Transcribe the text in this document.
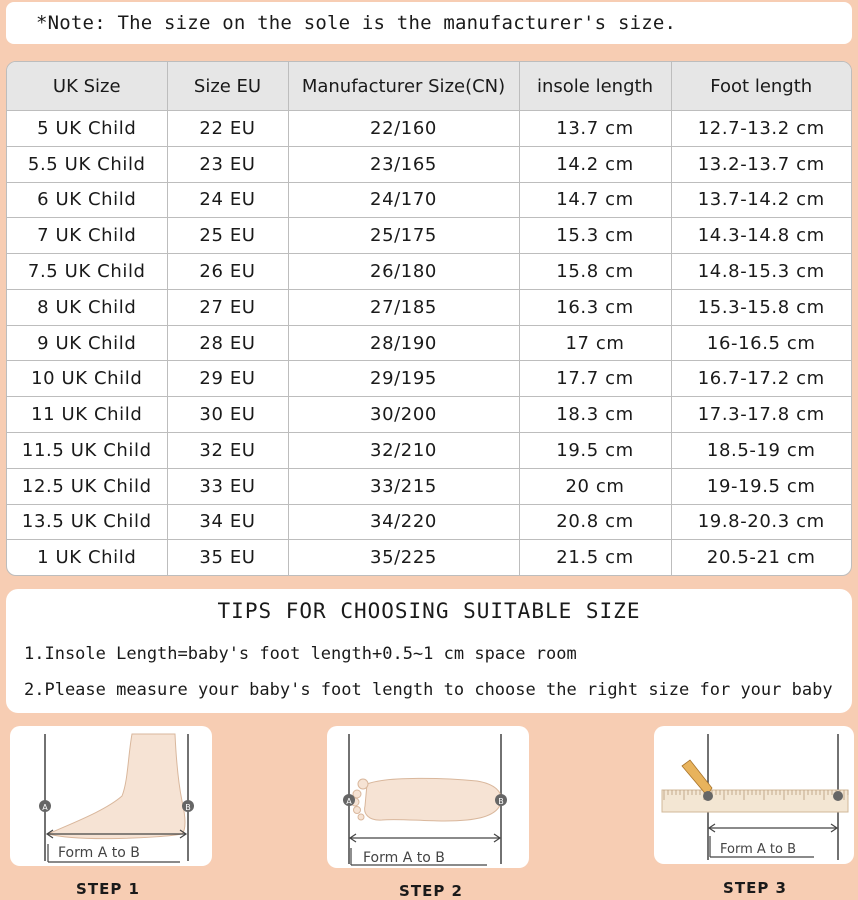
*Note: The size on the sole is the manufacturer's size.
UK Size	Size EU	Manufacturer Size(CN)	insole length	Foot length
5 UK Child	22 EU	22/160	13.7 cm	12.7-13.2 cm
5.5 UK Child	23 EU	23/165	14.2 cm	13.2-13.7 cm
6 UK Child	24 EU	24/170	14.7 cm	13.7-14.2 cm
7 UK Child	25 EU	25/175	15.3 cm	14.3-14.8 cm
7.5 UK Child	26 EU	26/180	15.8 cm	14.8-15.3 cm
8 UK Child	27 EU	27/185	16.3 cm	15.3-15.8 cm
9 UK Child	28 EU	28/190	17 cm	16-16.5 cm
10 UK Child	29 EU	29/195	17.7 cm	16.7-17.2 cm
11 UK Child	30 EU	30/200	18.3 cm	17.3-17.8 cm
11.5 UK Child	32 EU	32/210	19.5 cm	18.5-19 cm
12.5 UK Child	33 EU	33/215	20 cm	19-19.5 cm
13.5 UK Child	34 EU	34/220	20.8 cm	19.8-20.3 cm
1 UK Child	35 EU	35/225	21.5 cm	20.5-21 cm
TIPS FOR CHOOSING SUITABLE SIZE
1.Insole Length=baby's foot length+0.5~1 cm space room
2.Please measure your baby's foot length to choose the right size for your baby
A	B
Form A to B
STEP 1
A	B
Form A to B
STEP 2
Form A to B
STEP 3
